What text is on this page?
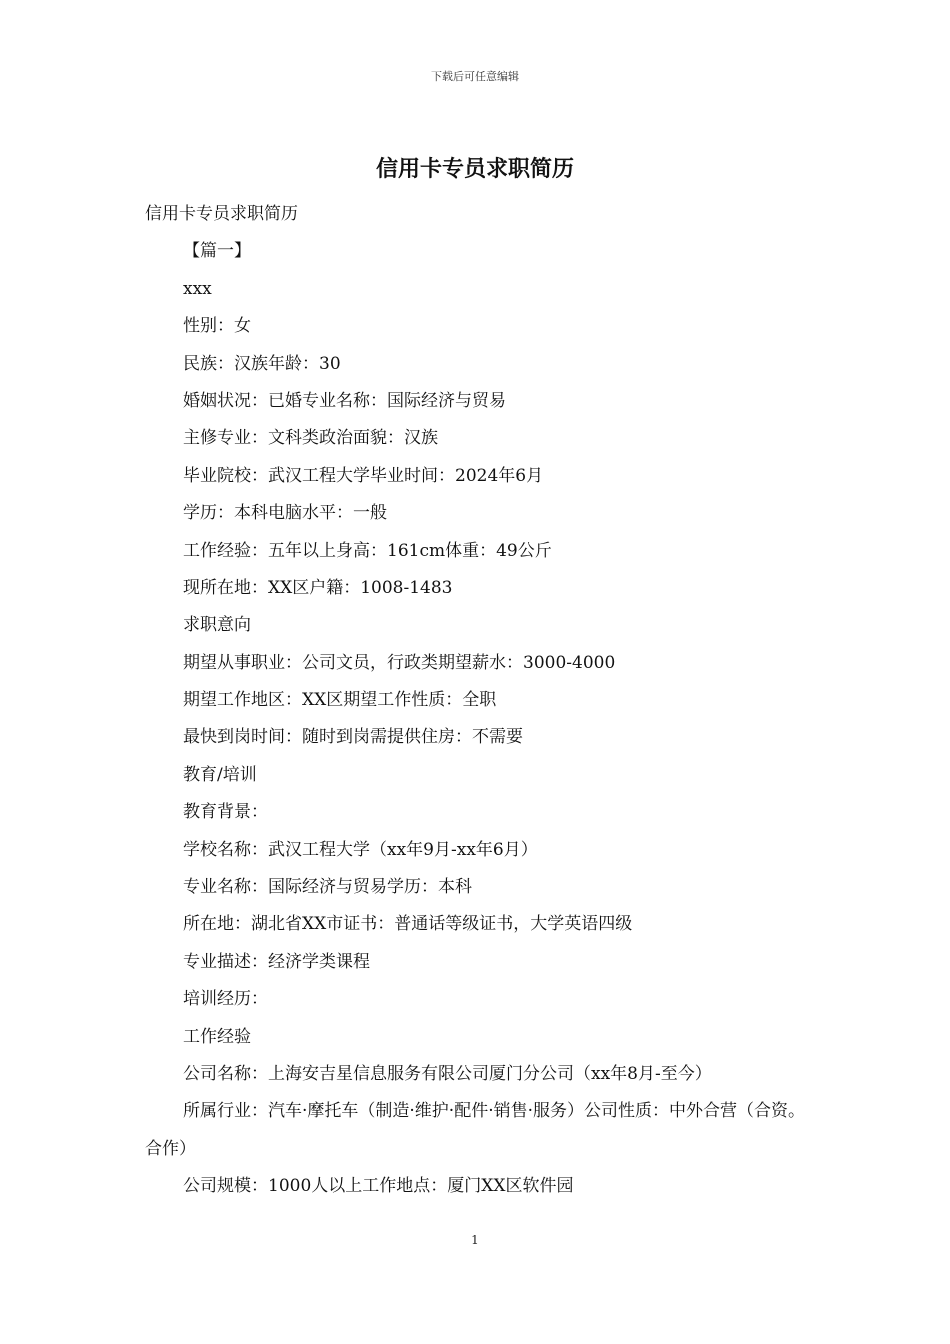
下载后可任意编辑
信用卡专员求职简历
信用卡专员求职简历
【篇一】
xxx
性别：女
民族：汉族年龄：30
婚姻状况：已婚专业名称：国际经济与贸易
主修专业：文科类政治面貌：汉族
毕业院校：武汉工程大学毕业时间：2024年6月
学历：本科电脑水平：一般
工作经验：五年以上身高：161cm体重：49公斤
现所在地：XX区户籍：1008-1483
求职意向
期望从事职业：公司文员，行政类期望薪水：3000-4000
期望工作地区：XX区期望工作性质：全职
最快到岗时间：随时到岗需提供住房：不需要
教育/培训
教育背景：
学校名称：武汉工程大学（xx年9月-xx年6月）
专业名称：国际经济与贸易学历：本科
所在地：湖北省XX市证书：普通话等级证书，大学英语四级
专业描述：经济学类课程
培训经历：
工作经验
公司名称：上海安吉星信息服务有限公司厦门分公司（xx年8月-至今）
所属行业：汽车·摩托车（制造·维护·配件·销售·服务）公司性质：中外合营（合资。合作）
公司规模：1000人以上工作地点：厦门XX区软件园
1
